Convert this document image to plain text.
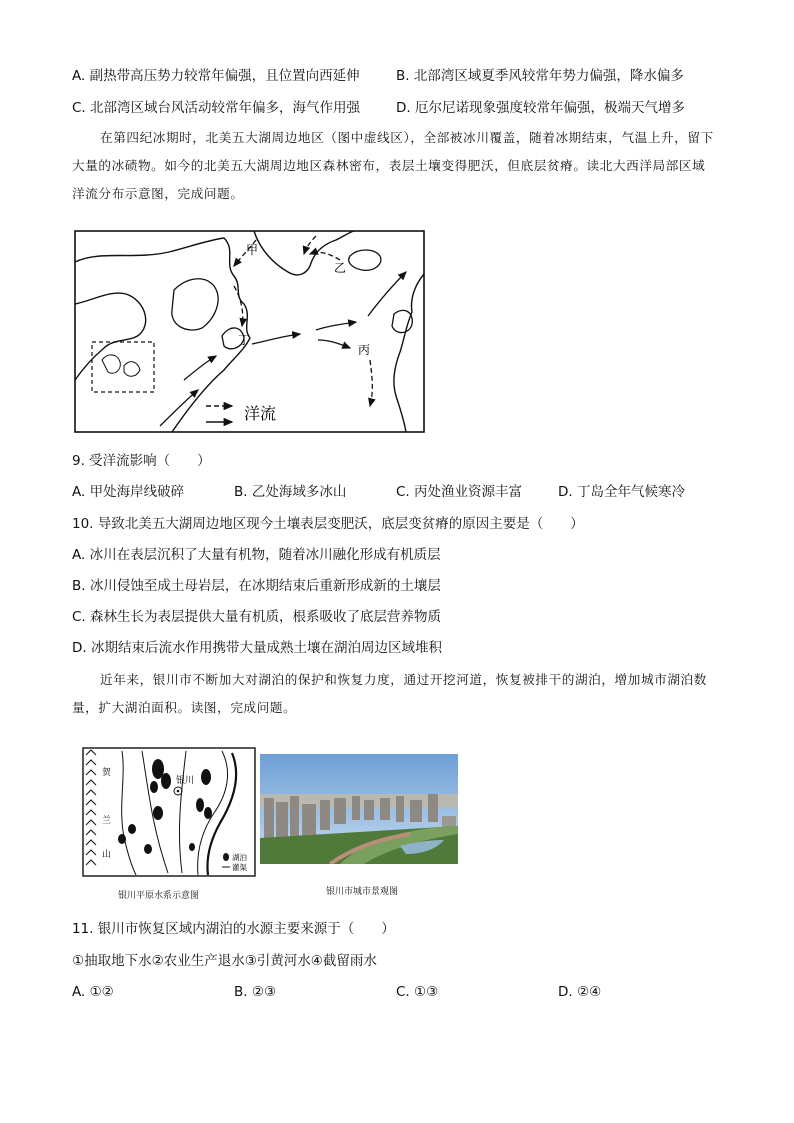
A. 副热带高压势力较常年偏强，且位置向西延伸	B. 北部湾区域夏季风较常年势力偏强，降水偏多
C. 北部湾区域台风活动较常年偏多，海气作用强	D. 厄尔尼诺现象强度较常年偏强，极端天气增多
在第四纪冰期时，北美五大湖周边地区（图中虚线区），全部被冰川覆盖，随着冰期结束，气温上升，留下大量的冰碛物。如今的北美五大湖周边地区森林密布，表层土壤变得肥沃，但底层贫瘠。读北大西洋局部区域洋流分布示意图，完成问题。
甲
乙
丙
丁
洋流
9. 受洋流影响（　　）
A. 甲处海岸线破碎	B. 乙处海域多冰山	C. 丙处渔业资源丰富	D. 丁岛全年气候寒冷
10. 导致北美五大湖周边地区现今土壤表层变肥沃，底层变贫瘠的原因主要是（　　）
A. 冰川在表层沉积了大量有机物，随着冰川融化形成有机质层
B. 冰川侵蚀至成土母岩层，在冰期结束后重新形成新的土壤层
C. 森林生长为表层提供大量有机质，根系吸收了底层营养物质
D. 冰期结束后流水作用携带大量成熟土壤在湖泊周边区域堆积
近年来，银川市不断加大对湖泊的保护和恢复力度，通过开挖河道，恢复被排干的湖泊，增加城市湖泊数量，扩大湖泊面积。读图，完成问题。
银川
贺
兰
山	湖泊
灌渠
银川平原水系示意图	银川市城市景观图
11. 银川市恢复区域内湖泊的水源主要来源于（　　）
①抽取地下水②农业生产退水③引黄河水④截留雨水
A. ①②	B. ②③	C. ①③	D. ②④
